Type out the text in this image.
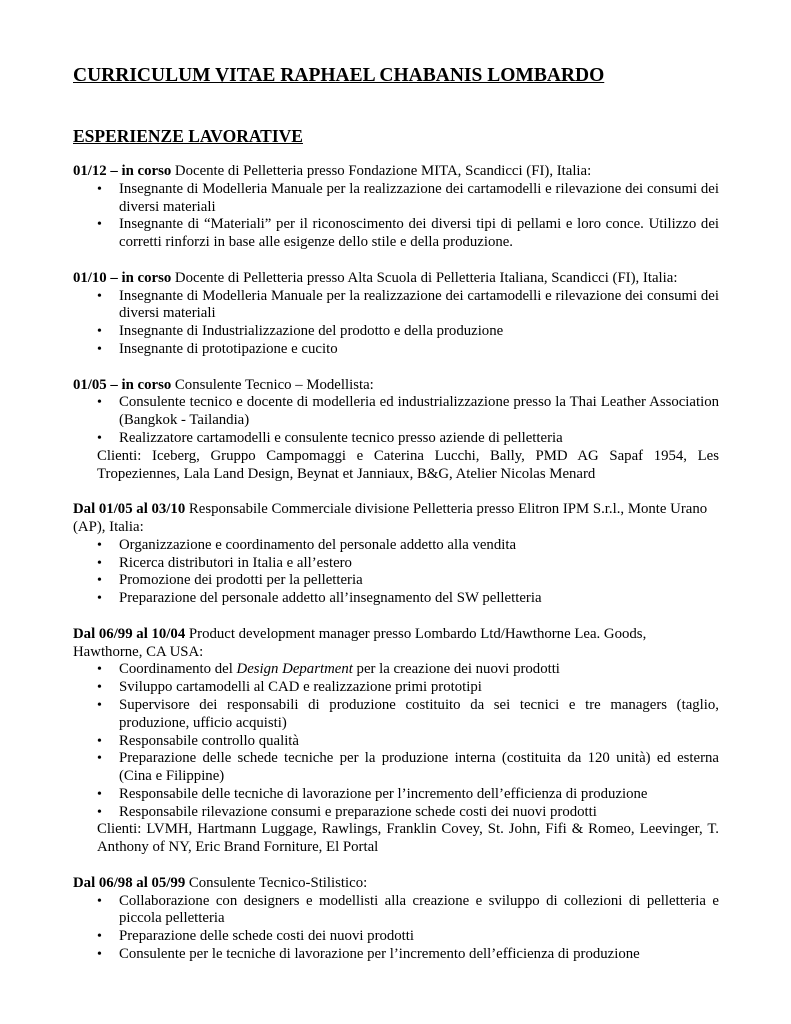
CURRICULUM VITAE RAPHAEL CHABANIS LOMBARDO
ESPERIENZE LAVORATIVE
01/12 – in corso Docente di Pelletteria presso Fondazione MITA, Scandicci (FI), Italia:
• Insegnante di Modelleria Manuale per la realizzazione dei cartamodelli e rilevazione dei consumi dei diversi materiali
• Insegnante di “Materiali” per il riconoscimento dei diversi tipi di pellami e loro conce. Utilizzo dei corretti rinforzi in base alle esigenze dello stile e della produzione.
01/10 – in corso Docente di Pelletteria presso Alta Scuola di Pelletteria Italiana, Scandicci (FI), Italia:
• Insegnante di Modelleria Manuale per la realizzazione dei cartamodelli e rilevazione dei consumi dei diversi materiali
• Insegnante di Industrializzazione del prodotto e della produzione
• Insegnante di prototipazione e cucito
01/05 – in corso Consulente Tecnico – Modellista:
• Consulente tecnico e docente di modelleria ed industrializzazione presso la Thai Leather Association (Bangkok - Tailandia)
• Realizzatore cartamodelli e consulente tecnico presso aziende di pelletteria
Clienti: Iceberg, Gruppo Campomaggi e Caterina Lucchi, Bally, PMD AG Sapaf 1954, Les Tropeziennes, Lala Land Design, Beynat et Janniaux, B&G, Atelier Nicolas Menard
Dal 01/05 al 03/10 Responsabile Commerciale divisione Pelletteria presso Elitron IPM S.r.l., Monte Urano (AP), Italia:
• Organizzazione e coordinamento del personale addetto alla vendita
• Ricerca distributori in Italia e all’estero
• Promozione dei prodotti per la pelletteria
• Preparazione del personale addetto all’insegnamento del SW pelletteria
Dal 06/99 al 10/04 Product development manager presso Lombardo Ltd/Hawthorne Lea. Goods, Hawthorne, CA USA:
• Coordinamento del Design Department per la creazione dei nuovi prodotti
• Sviluppo cartamodelli al CAD e realizzazione primi prototipi
• Supervisore dei responsabili di produzione costituito da sei tecnici e tre managers (taglio, produzione, ufficio acquisti)
• Responsabile controllo qualità
• Preparazione delle schede tecniche per la produzione interna (costituita da 120 unità) ed esterna (Cina e Filippine)
• Responsabile delle tecniche di lavorazione per l’incremento dell’efficienza di produzione
• Responsabile rilevazione consumi e preparazione schede costi dei nuovi prodotti
Clienti: LVMH, Hartmann Luggage, Rawlings, Franklin Covey, St. John, Fifi & Romeo, Leevinger, T. Anthony of NY, Eric Brand Forniture, El Portal
Dal 06/98 al 05/99 Consulente Tecnico-Stilistico:
• Collaborazione con designers e modellisti alla creazione e sviluppo di collezioni di pelletteria e piccola pelletteria
• Preparazione delle schede costi dei nuovi prodotti
• Consulente per le tecniche di lavorazione per l’incremento dell’efficienza di produzione
